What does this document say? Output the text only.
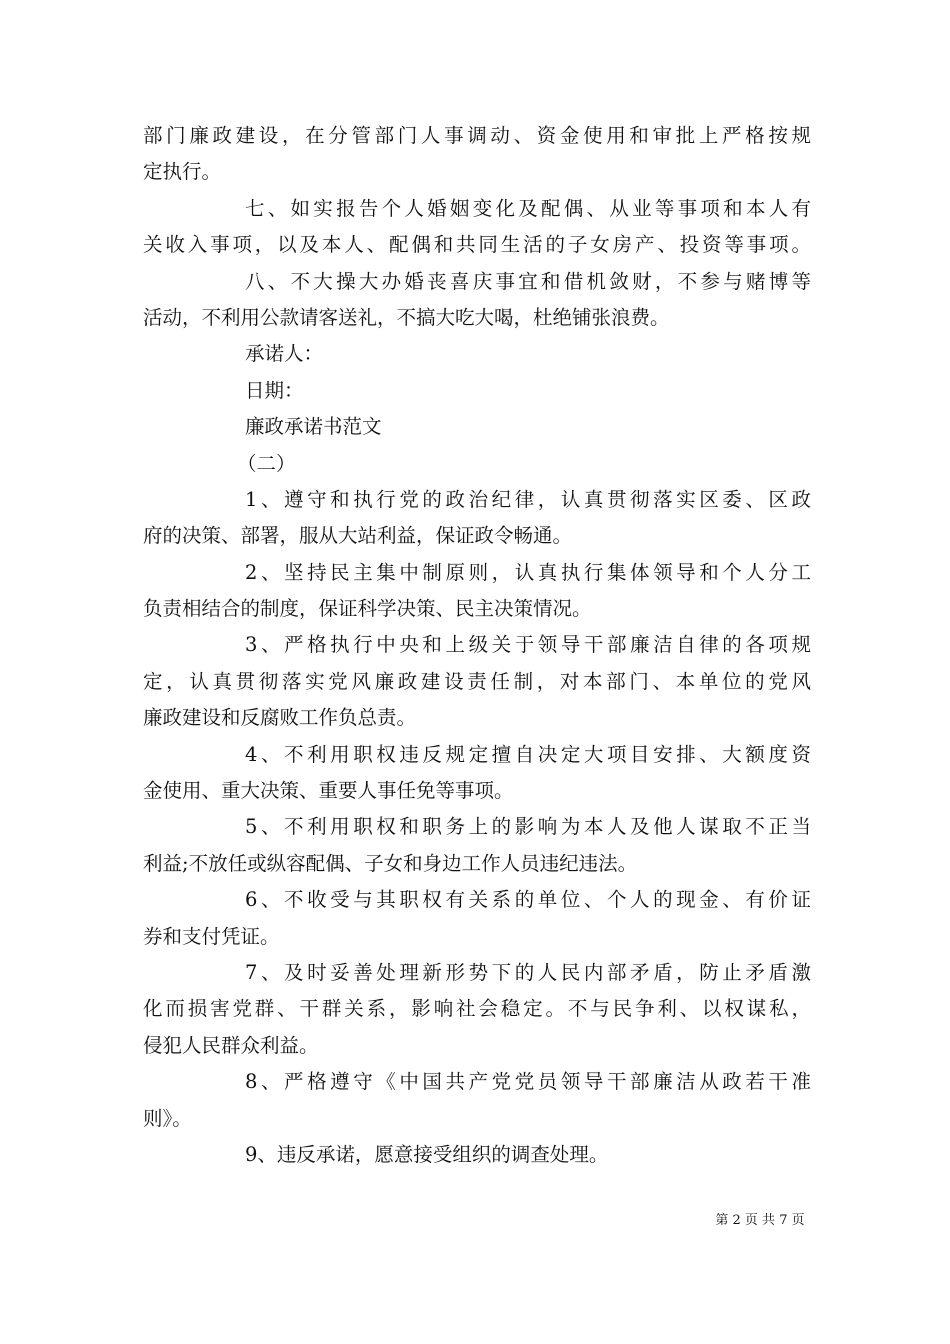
部门廉政建设，在分管部门人事调动、资金使用和审批上严格按规
定执行。
七、如实报告个人婚姻变化及配偶、从业等事项和本人有
关收入事项，以及本人、配偶和共同生活的子女房产、投资等事项。
八、不大操大办婚丧喜庆事宜和借机敛财，不参与赌博等
活动，不利用公款请客送礼，不搞大吃大喝，杜绝铺张浪费。
承诺人：
日期：
廉政承诺书范文
（二）
1、遵守和执行党的政治纪律，认真贯彻落实区委、区政
府的决策、部署，服从大站利益，保证政令畅通。
2、坚持民主集中制原则，认真执行集体领导和个人分工
负责相结合的制度，保证科学决策、民主决策情况。
3、严格执行中央和上级关于领导干部廉洁自律的各项规
定，认真贯彻落实党风廉政建设责任制，对本部门、本单位的党风
廉政建设和反腐败工作负总责。
4、不利用职权违反规定擅自决定大项目安排、大额度资
金使用、重大决策、重要人事任免等事项。
5、不利用职权和职务上的影响为本人及他人谋取不正当
利益;不放任或纵容配偶、子女和身边工作人员违纪违法。
6、不收受与其职权有关系的单位、个人的现金、有价证
券和支付凭证。
7、及时妥善处理新形势下的人民内部矛盾，防止矛盾激
化而损害党群、干群关系，影响社会稳定。不与民争利、以权谋私，
侵犯人民群众利益。
8、严格遵守《中国共产党党员领导干部廉洁从政若干准
则》。
9、违反承诺，愿意接受组织的调查处理。
第 2 页 共 7 页
